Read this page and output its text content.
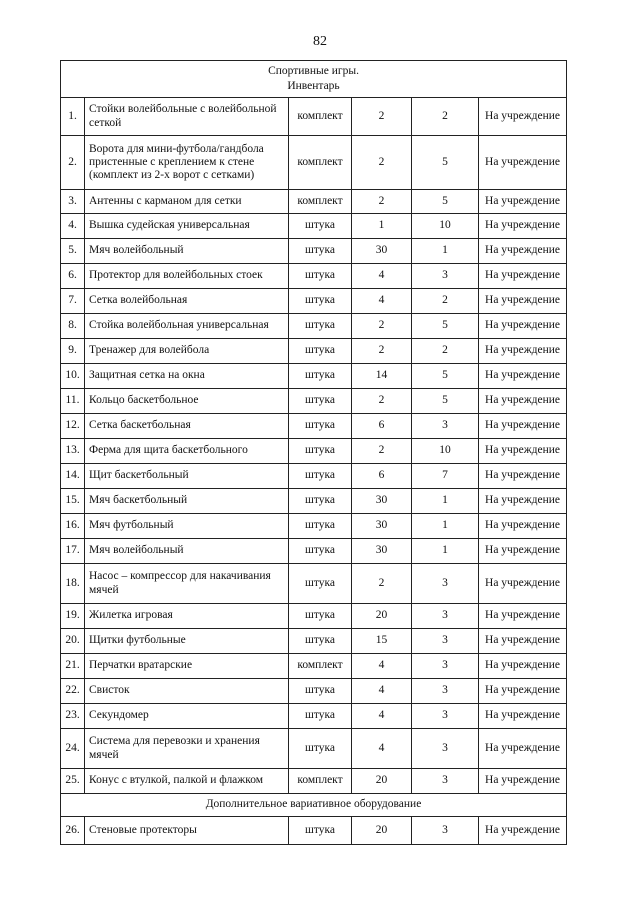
82
Спортивные игры.
Инвентарь					

1.	Стойки волейбольные с волейбольной сеткой	комплект	2	2	На учреждение
2.	Ворота для мини-футбола/гандбола пристенные с креплением к стене (комплект из 2-х ворот с сетками)	комплект	2	5	На учреждение
3.	Антенны с карманом для сетки	комплект	2	5	На учреждение
4.	Вышка судейская универсальная	штука	1	10	На учреждение
5.	Мяч волейбольный	штука	30	1	На учреждение
6.	Протектор для волейбольных стоек	штука	4	3	На учреждение
7.	Сетка волейбольная	штука	4	2	На учреждение
8.	Стойка волейбольная универсальная	штука	2	5	На учреждение
9.	Тренажер для волейбола	штука	2	2	На учреждение
10.	Защитная сетка на окна	штука	14	5	На учреждение
11.	Кольцо баскетбольное	штука	2	5	На учреждение
12.	Сетка баскетбольная	штука	6	3	На учреждение
13.	Ферма для щита баскетбольного	штука	2	10	На учреждение
14.	Щит баскетбольный	штука	6	7	На учреждение
15.	Мяч баскетбольный	штука	30	1	На учреждение
16.	Мяч футбольный	штука	30	1	На учреждение
17.	Мяч волейбольный	штука	30	1	На учреждение
18.	Насос – компрессор для накачивания мячей	штука	2	3	На учреждение
19.	Жилетка игровая	штука	20	3	На учреждение
20.	Щитки футбольные	штука	15	3	На учреждение
21.	Перчатки вратарские	комплект	4	3	На учреждение
22.	Свисток	штука	4	3	На учреждение
23.	Секундомер	штука	4	3	На учреждение
24.	Система для перевозки и хранения мячей	штука	4	3	На учреждение
25.	Конус с втулкой, палкой и флажком	комплект	20	3	На учреждение
Дополнительное вариативное оборудование					
26.	Стеновые протекторы	штука	20	3	На учреждение
